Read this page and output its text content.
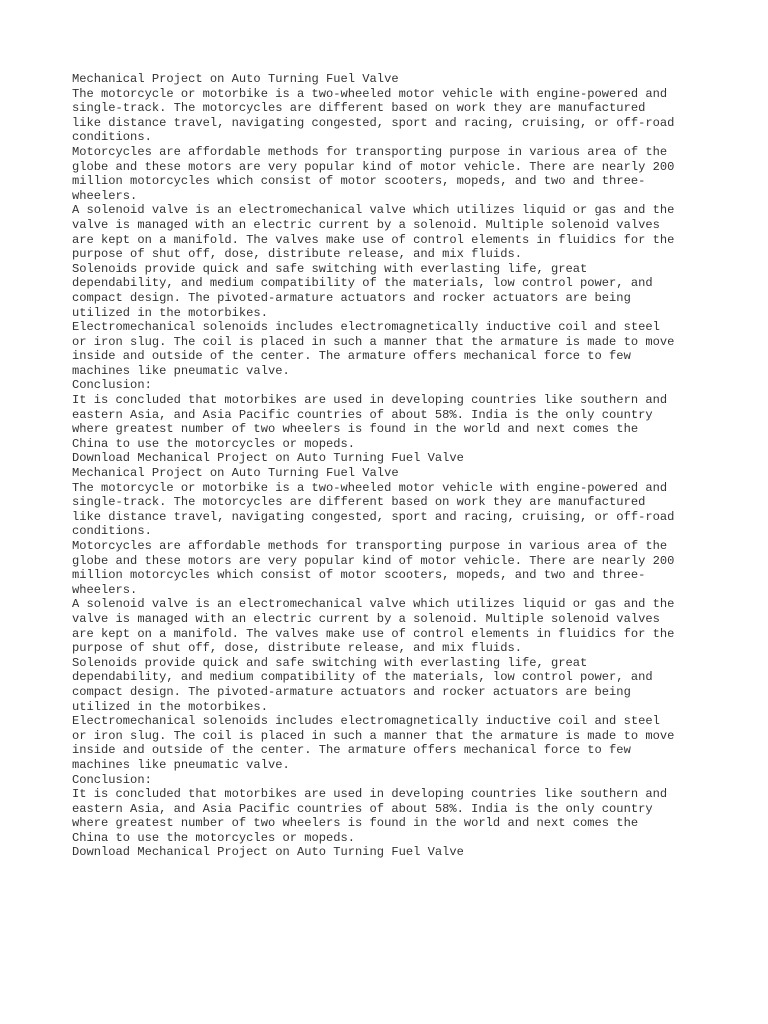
Mechanical Project on Auto Turning Fuel Valve
The motorcycle or motorbike is a two-wheeled motor vehicle with engine-powered and
single-track. The motorcycles are different based on work they are manufactured
like distance travel, navigating congested, sport and racing, cruising, or off-road
conditions.
Motorcycles are affordable methods for transporting purpose in various area of the
globe and these motors are very popular kind of motor vehicle. There are nearly 200
million motorcycles which consist of motor scooters, mopeds, and two and three-
wheelers.
A solenoid valve is an electromechanical valve which utilizes liquid or gas and the
valve is managed with an electric current by a solenoid. Multiple solenoid valves
are kept on a manifold. The valves make use of control elements in fluidics for the
purpose of shut off, dose, distribute release, and mix fluids.
Solenoids provide quick and safe switching with everlasting life, great
dependability, and medium compatibility of the materials, low control power, and
compact design. The pivoted-armature actuators and rocker actuators are being
utilized in the motorbikes.
Electromechanical solenoids includes electromagnetically inductive coil and steel
or iron slug. The coil is placed in such a manner that the armature is made to move
inside and outside of the center. The armature offers mechanical force to few
machines like pneumatic valve.
Conclusion:
It is concluded that motorbikes are used in developing countries like southern and
eastern Asia, and Asia Pacific countries of about 58%. India is the only country
where greatest number of two wheelers is found in the world and next comes the
China to use the motorcycles or mopeds.
Download Mechanical Project on Auto Turning Fuel Valve
Mechanical Project on Auto Turning Fuel Valve
The motorcycle or motorbike is a two-wheeled motor vehicle with engine-powered and
single-track. The motorcycles are different based on work they are manufactured
like distance travel, navigating congested, sport and racing, cruising, or off-road
conditions.
Motorcycles are affordable methods for transporting purpose in various area of the
globe and these motors are very popular kind of motor vehicle. There are nearly 200
million motorcycles which consist of motor scooters, mopeds, and two and three-
wheelers.
A solenoid valve is an electromechanical valve which utilizes liquid or gas and the
valve is managed with an electric current by a solenoid. Multiple solenoid valves
are kept on a manifold. The valves make use of control elements in fluidics for the
purpose of shut off, dose, distribute release, and mix fluids.
Solenoids provide quick and safe switching with everlasting life, great
dependability, and medium compatibility of the materials, low control power, and
compact design. The pivoted-armature actuators and rocker actuators are being
utilized in the motorbikes.
Electromechanical solenoids includes electromagnetically inductive coil and steel
or iron slug. The coil is placed in such a manner that the armature is made to move
inside and outside of the center. The armature offers mechanical force to few
machines like pneumatic valve.
Conclusion:
It is concluded that motorbikes are used in developing countries like southern and
eastern Asia, and Asia Pacific countries of about 58%. India is the only country
where greatest number of two wheelers is found in the world and next comes the
China to use the motorcycles or mopeds.
Download Mechanical Project on Auto Turning Fuel Valve
